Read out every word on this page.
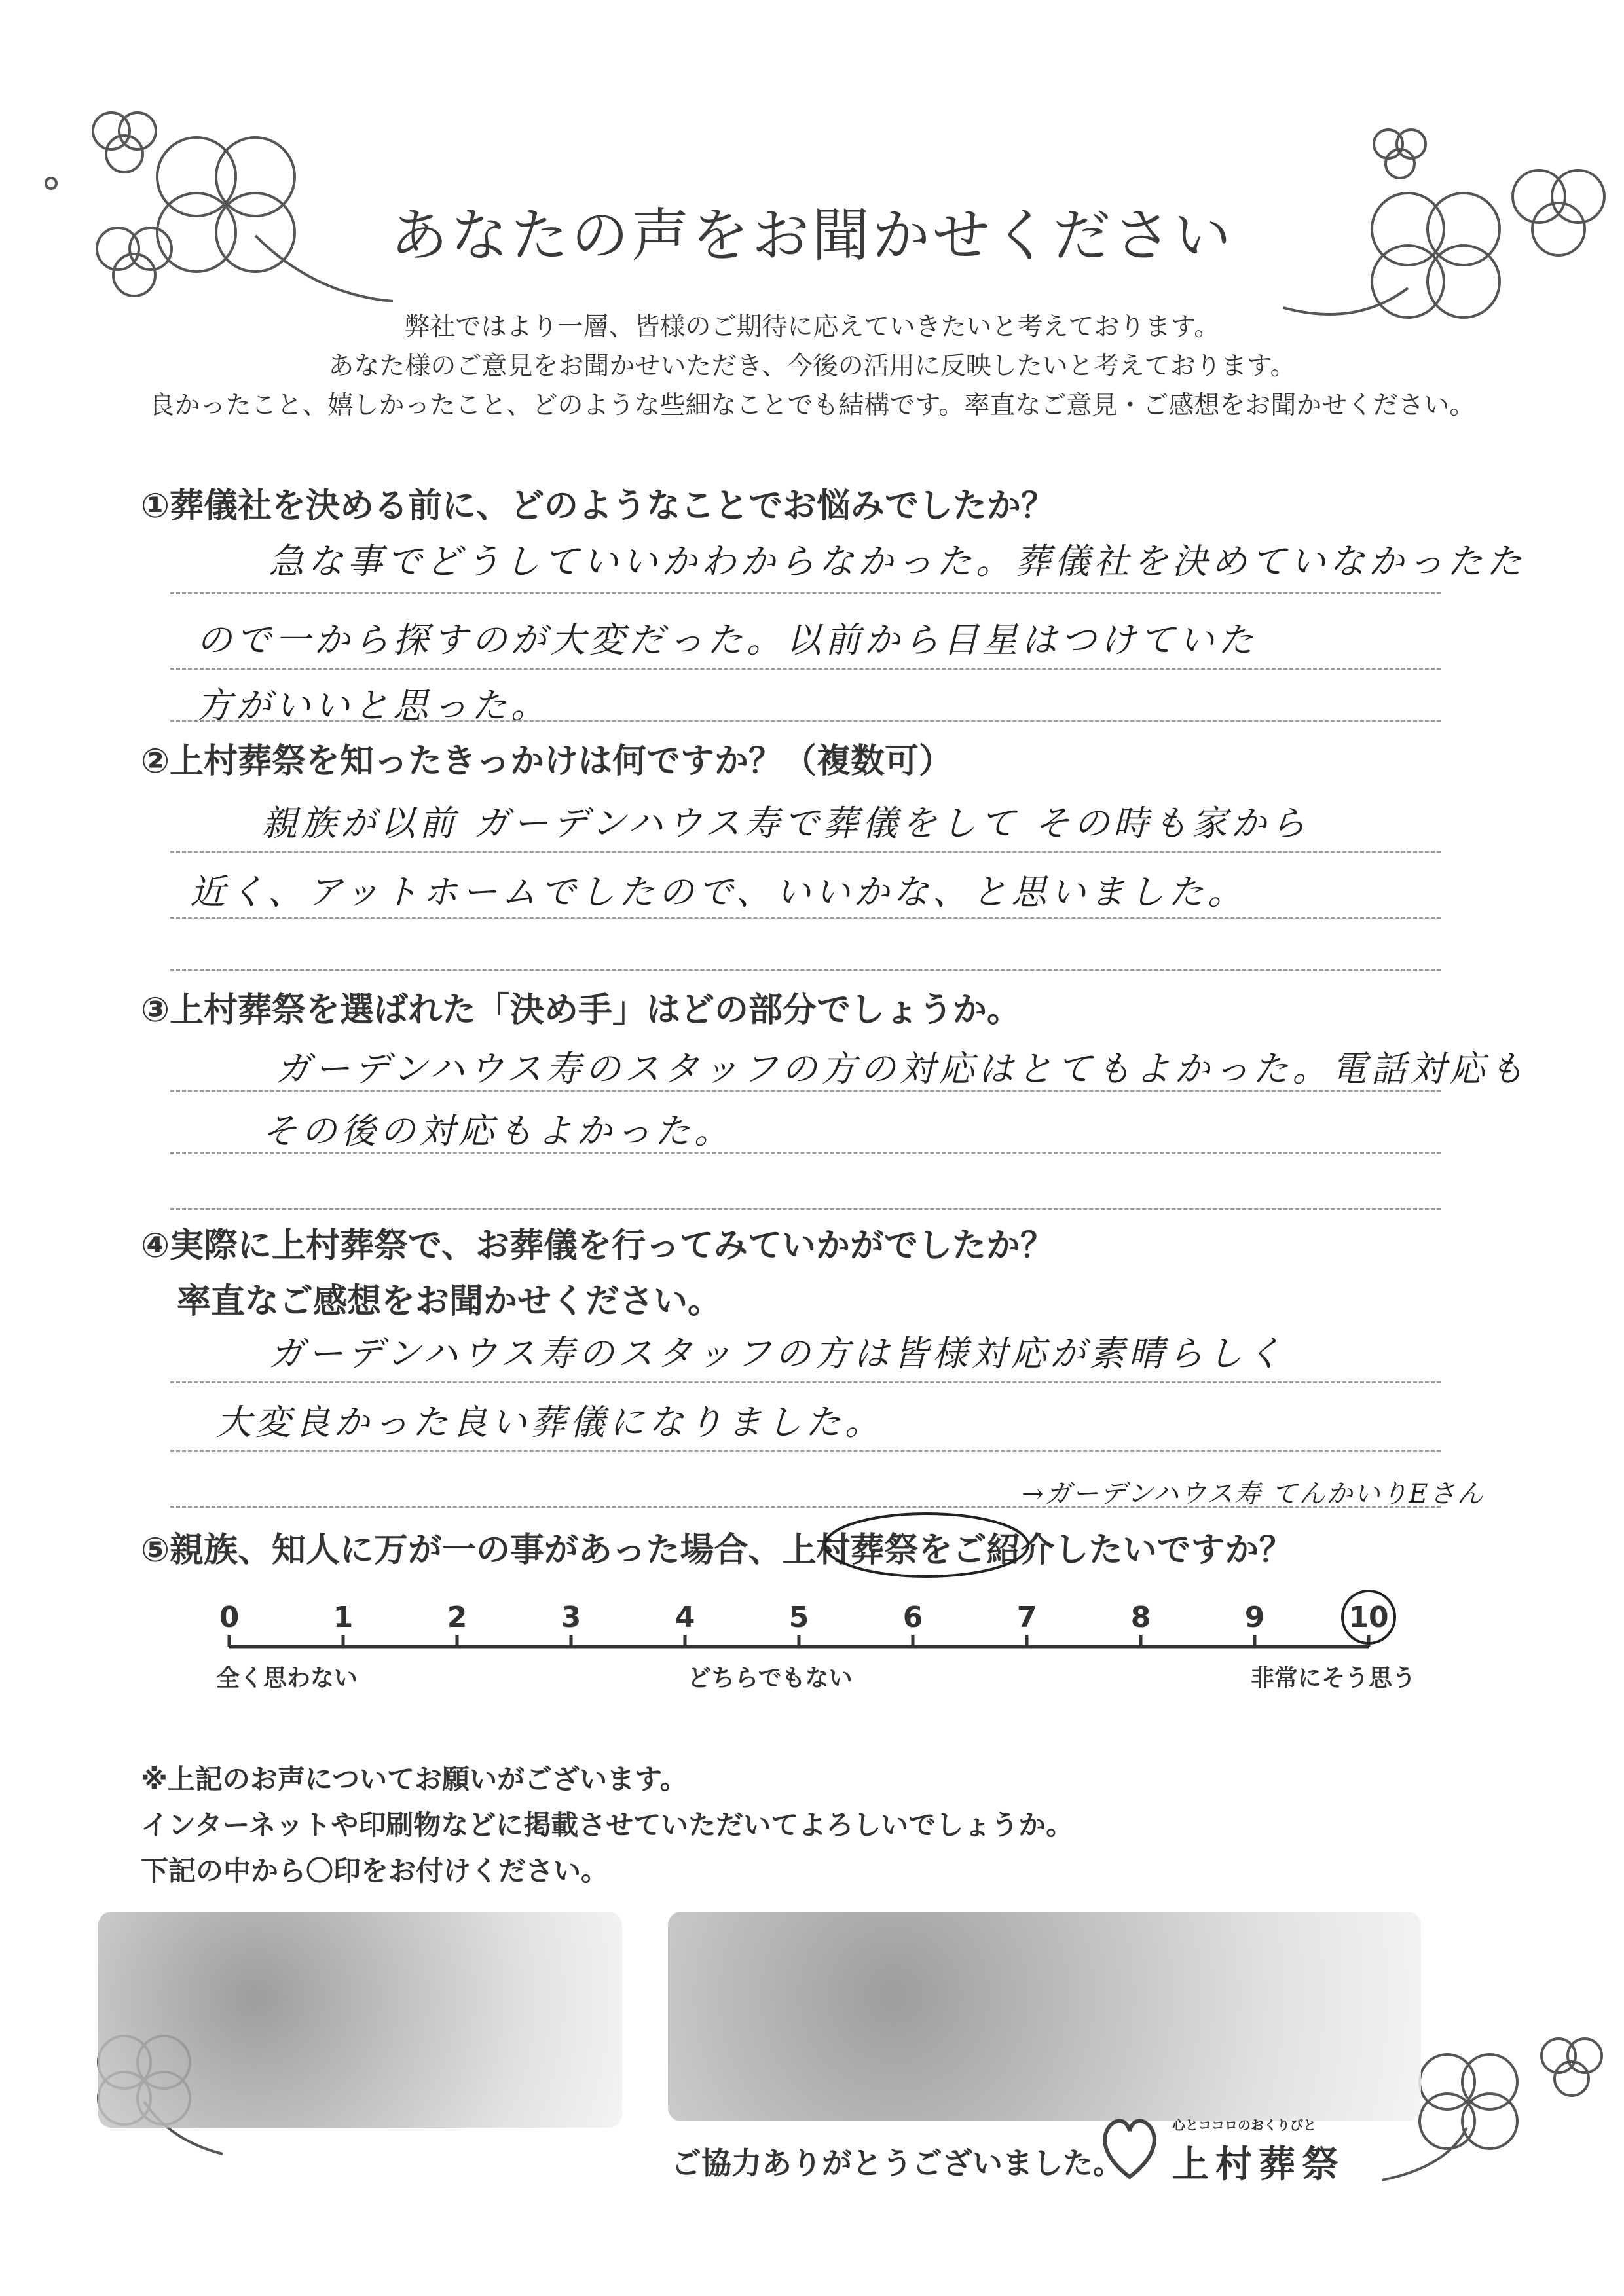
あなたの声をお聞かせください
弊社ではより一層、皆様のご期待に応えていきたいと考えております。
あなた様のご意見をお聞かせいただき、今後の活用に反映したいと考えております。
良かったこと、嬉しかったこと、どのような些細なことでも結構です。率直なご意見・ご感想をお聞かせください。
①葬儀社を決める前に、どのようなことでお悩みでしたか？
急な事でどうしていいかわからなかった。葬儀社を決めていなかったた
ので一から探すのが大変だった。以前から目星はつけていた
方がいいと思った。
②上村葬祭を知ったきっかけは何ですか？（複数可）
親族が以前 ガーデンハウス寿で葬儀をして その時も家から
近く、アットホームでしたので、いいかな、と思いました。
③上村葬祭を選ばれた「決め手」はどの部分でしょうか。
ガーデンハウス寿のスタッフの方の対応はとてもよかった。電話対応も
その後の対応もよかった。
④実際に上村葬祭で、お葬儀を行ってみていかがでしたか？
率直なご感想をお聞かせください。
ガーデンハウス寿のスタッフの方は皆様対応が素晴らしく
大変良かった良い葬儀になりました。
→ガーデンハウス寿 てんかいりEさん
⑤親族、知人に万が一の事があった場合、上村葬祭をご紹介したいですか？
0	1	2	3	4	5	6	7	8	9	10
全く思わない	どちらでもない	非常にそう思う
※上記のお声についてお願いがございます。
インターネットや印刷物などに掲載させていただいてよろしいでしょうか。
下記の中から〇印をお付けください。
ご協力ありがとうございました。
心とココロのおくりびと
上村葬祭
